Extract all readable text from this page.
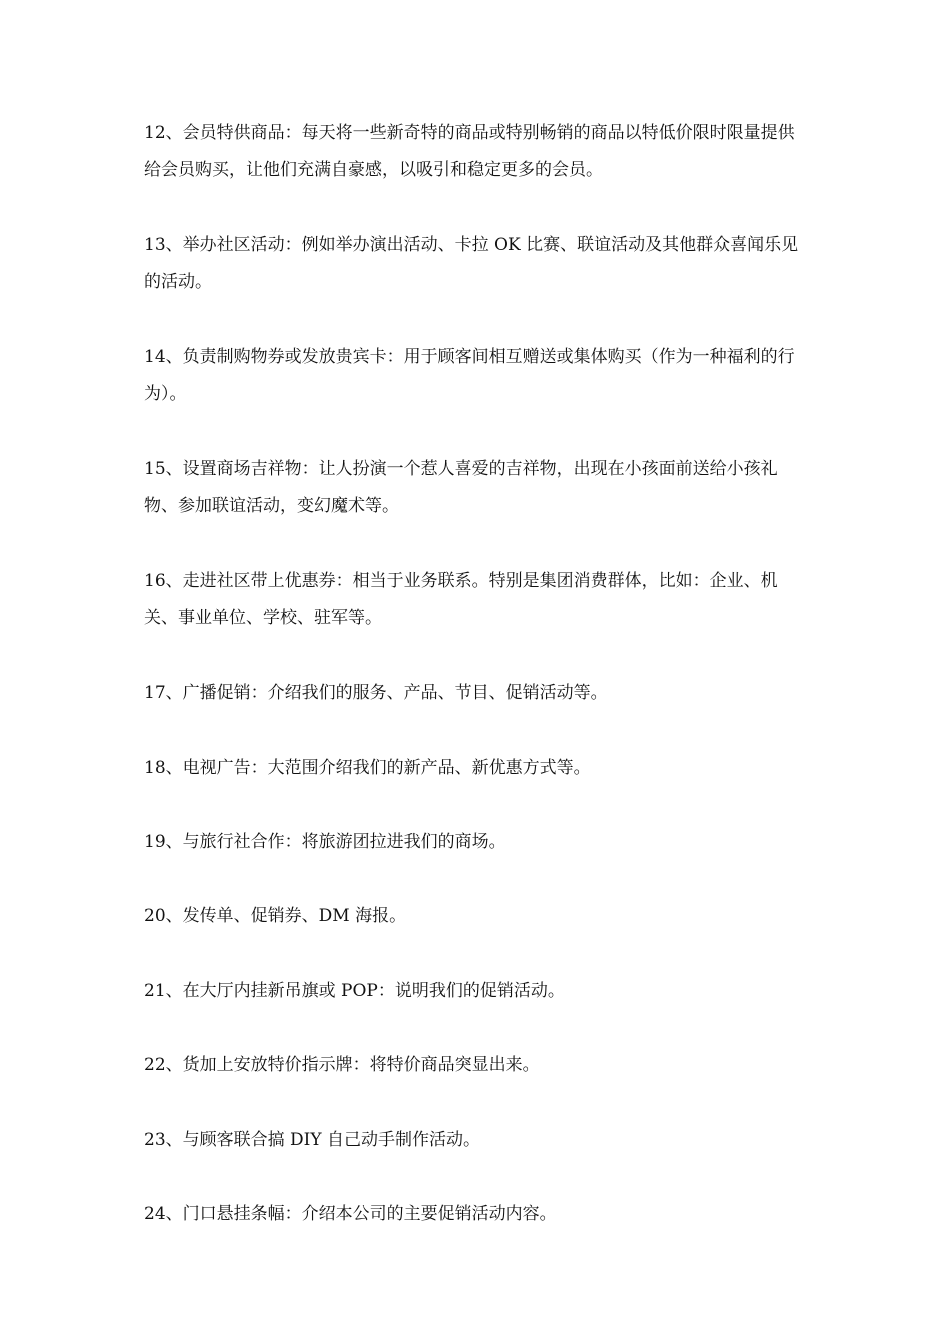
12、会员特供商品：每天将一些新奇特的商品或特别畅销的商品以特低价限时限量提供给会员购买，让他们充满自豪感，以吸引和稳定更多的会员。

13、举办社区活动：例如举办演出活动、卡拉 OK 比赛、联谊活动及其他群众喜闻乐见的活动。

14、负责制购物券或发放贵宾卡：用于顾客间相互赠送或集体购买（作为一种福利的行为）。

15、设置商场吉祥物：让人扮演一个惹人喜爱的吉祥物，出现在小孩面前送给小孩礼物、参加联谊活动，变幻魔术等。

16、走进社区带上优惠券：相当于业务联系。特别是集团消费群体，比如：企业、机关、事业单位、学校、驻军等。

17、广播促销：介绍我们的服务、产品、节目、促销活动等。

18、电视广告：大范围介绍我们的新产品、新优惠方式等。

19、与旅行社合作：将旅游团拉进我们的商场。

20、发传单、促销券、DM 海报。

21、在大厅内挂新吊旗或 POP：说明我们的促销活动。

22、货加上安放特价指示牌：将特价商品突显出来。

23、与顾客联合搞 DIY 自己动手制作活动。

24、门口悬挂条幅：介绍本公司的主要促销活动内容。
